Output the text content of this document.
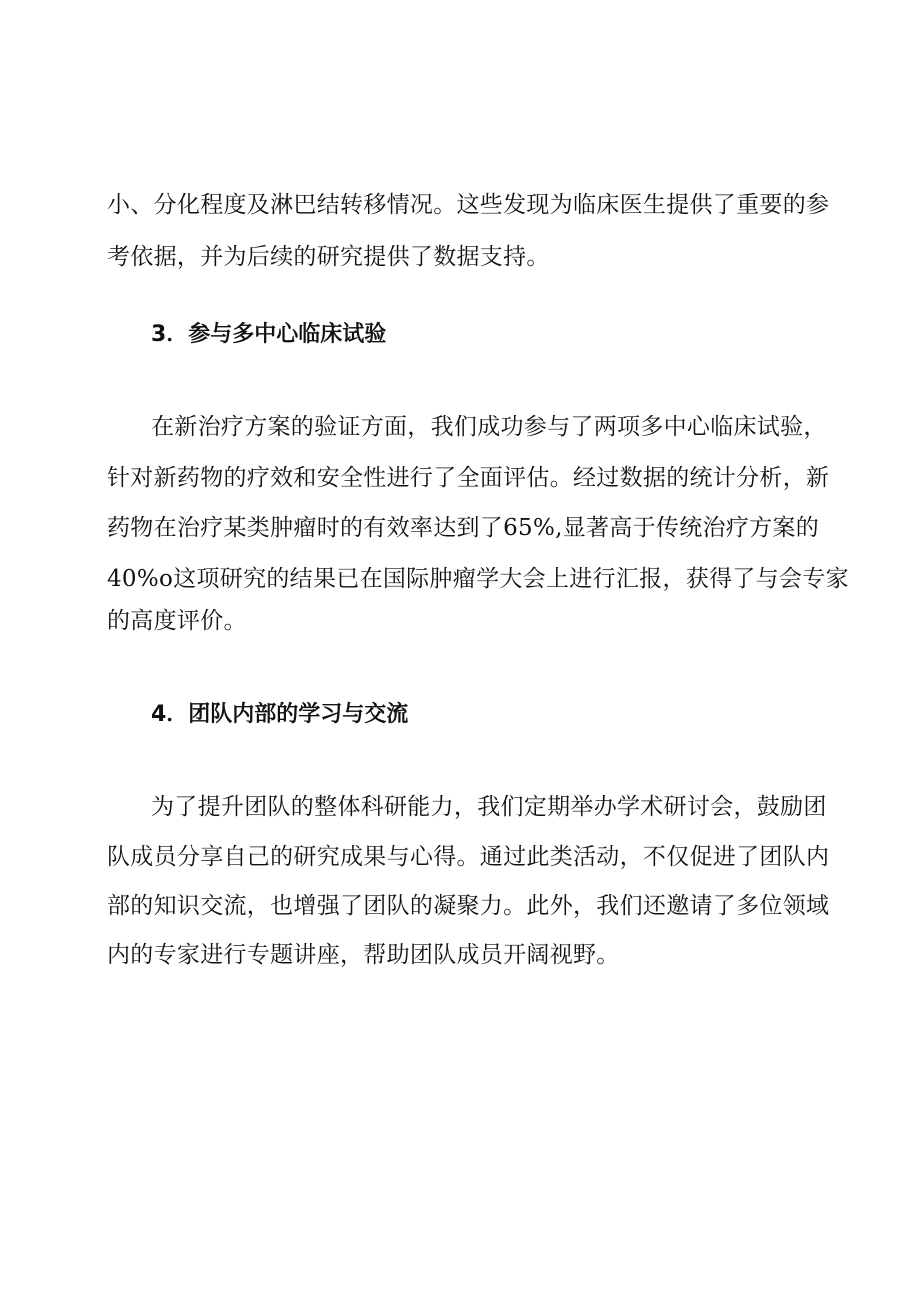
小、分化程度及淋巴结转移情况。这些发现为临床医生提供了重要的参
考依据，并为后续的研究提供了数据支持。
3．参与多中心临床试验
在新治疗方案的验证方面，我们成功参与了两项多中心临床试验，
针对新药物的疗效和安全性进行了全面评估。经过数据的统计分析，新
药物在治疗某类肿瘤时的有效率达到了65%,显著高于传统治疗方案的
40%o这项研究的结果已在国际肿瘤学大会上进行汇报，获得了与会专家
的高度评价。
4．团队内部的学习与交流
为了提升团队的整体科研能力，我们定期举办学术研讨会，鼓励团
队成员分享自己的研究成果与心得。通过此类活动，不仅促进了团队内
部的知识交流，也增强了团队的凝聚力。此外，我们还邀请了多位领域
内的专家进行专题讲座，帮助团队成员开阔视野。
